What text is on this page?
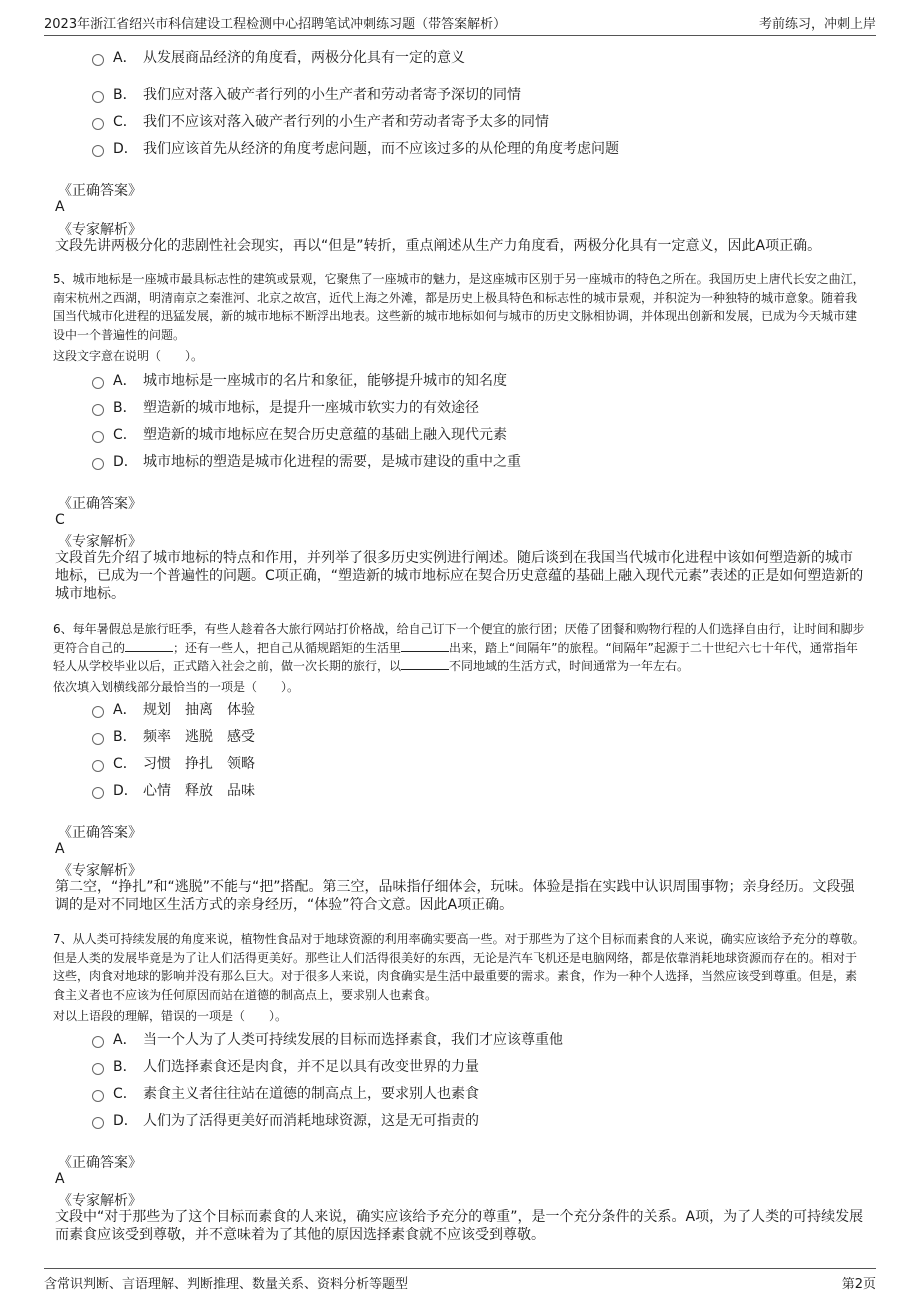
2023年浙江省绍兴市科信建设工程检测中心招聘笔试冲刺练习题（带答案解析）	考前练习，冲刺上岸
A． 从发展商品经济的角度看，两极分化具有一定的意义
B． 我们应对落入破产者行列的小生产者和劳动者寄予深切的同情
C． 我们不应该对落入破产者行列的小生产者和劳动者寄予太多的同情
D． 我们应该首先从经济的角度考虑问题，而不应该过多的从伦理的角度考虑问题
《正确答案》
A
《专家解析》
文段先讲两极分化的悲剧性社会现实，再以“但是”转折，重点阐述从生产力角度看，两极分化具有一定意义，因此A项正确。
5、城市地标是一座城市最具标志性的建筑或景观，它聚焦了一座城市的魅力，是这座城市区别于另一座城市的特色之所在。我国历史上唐代长安之曲江，南宋杭州之西湖，明清南京之秦淮河、北京之故宫，近代上海之外滩，都是历史上极具特色和标志性的城市景观，并积淀为一种独特的城市意象。随着我国当代城市化进程的迅猛发展，新的城市地标不断浮出地表。这些新的城市地标如何与城市的历史文脉相协调，并体现出创新和发展，已成为今天城市建设中一个普遍性的问题。
这段文字意在说明（　　）。
A． 城市地标是一座城市的名片和象征，能够提升城市的知名度
B． 塑造新的城市地标，是提升一座城市软实力的有效途径
C． 塑造新的城市地标应在契合历史意蕴的基础上融入现代元素
D． 城市地标的塑造是城市化进程的需要，是城市建设的重中之重
《正确答案》
C
《专家解析》
文段首先介绍了城市地标的特点和作用，并列举了很多历史实例进行阐述。随后谈到在我国当代城市化进程中该如何塑造新的城市地标，已成为一个普遍性的问题。C项正确，“塑造新的城市地标应在契合历史意蕴的基础上融入现代元素”表述的正是如何塑造新的城市地标。
6、每年暑假总是旅行旺季，有些人趁着各大旅行网站打价格战，给自己订下一个便宜的旅行团；厌倦了团餐和购物行程的人们选择自由行，让时间和脚步更符合自己的	；还有一些人，把自己从循规蹈矩的生活里	出来，踏上“间隔年”的旅程。“间隔年”起源于二十世纪六七十年代，通常指年轻人从学校毕业以后，正式踏入社会之前，做一次长期的旅行，以	不同地域的生活方式，时间通常为一年左右。
依次填入划横线部分最恰当的一项是（　　）。
A． 规划　抽离　体验
B． 频率　逃脱　感受
C． 习惯　挣扎　领略
D． 心情　释放　品味
《正确答案》
A
《专家解析》
第二空，“挣扎”和“逃脱”不能与“把”搭配。第三空，品味指仔细体会，玩味。体验是指在实践中认识周围事物；亲身经历。文段强调的是对不同地区生活方式的亲身经历，“体验”符合文意。因此A项正确。
7、从人类可持续发展的角度来说，植物性食品对于地球资源的利用率确实要高一些。对于那些为了这个目标而素食的人来说，确实应该给予充分的尊敬。但是人类的发展毕竟是为了让人们活得更美好。那些让人们活得很美好的东西，无论是汽车飞机还是电脑网络，都是依靠消耗地球资源而存在的。相对于这些，肉食对地球的影响并没有那么巨大。对于很多人来说，肉食确实是生活中最重要的需求。素食，作为一种个人选择，当然应该受到尊重。但是，素食主义者也不应该为任何原因而站在道德的制高点上，要求别人也素食。
对以上语段的理解，错误的一项是（　　）。
A． 当一个人为了人类可持续发展的目标而选择素食，我们才应该尊重他
B． 人们选择素食还是肉食，并不足以具有改变世界的力量
C． 素食主义者往往站在道德的制高点上，要求别人也素食
D． 人们为了活得更美好而消耗地球资源，这是无可指责的
《正确答案》
A
《专家解析》
文段中“对于那些为了这个目标而素食的人来说，确实应该给予充分的尊重”，是一个充分条件的关系。A项，为了人类的可持续发展而素食应该受到尊敬，并不意味着为了其他的原因选择素食就不应该受到尊敬。
含常识判断、言语理解、判断推理、数量关系、资料分析等题型	第2页
